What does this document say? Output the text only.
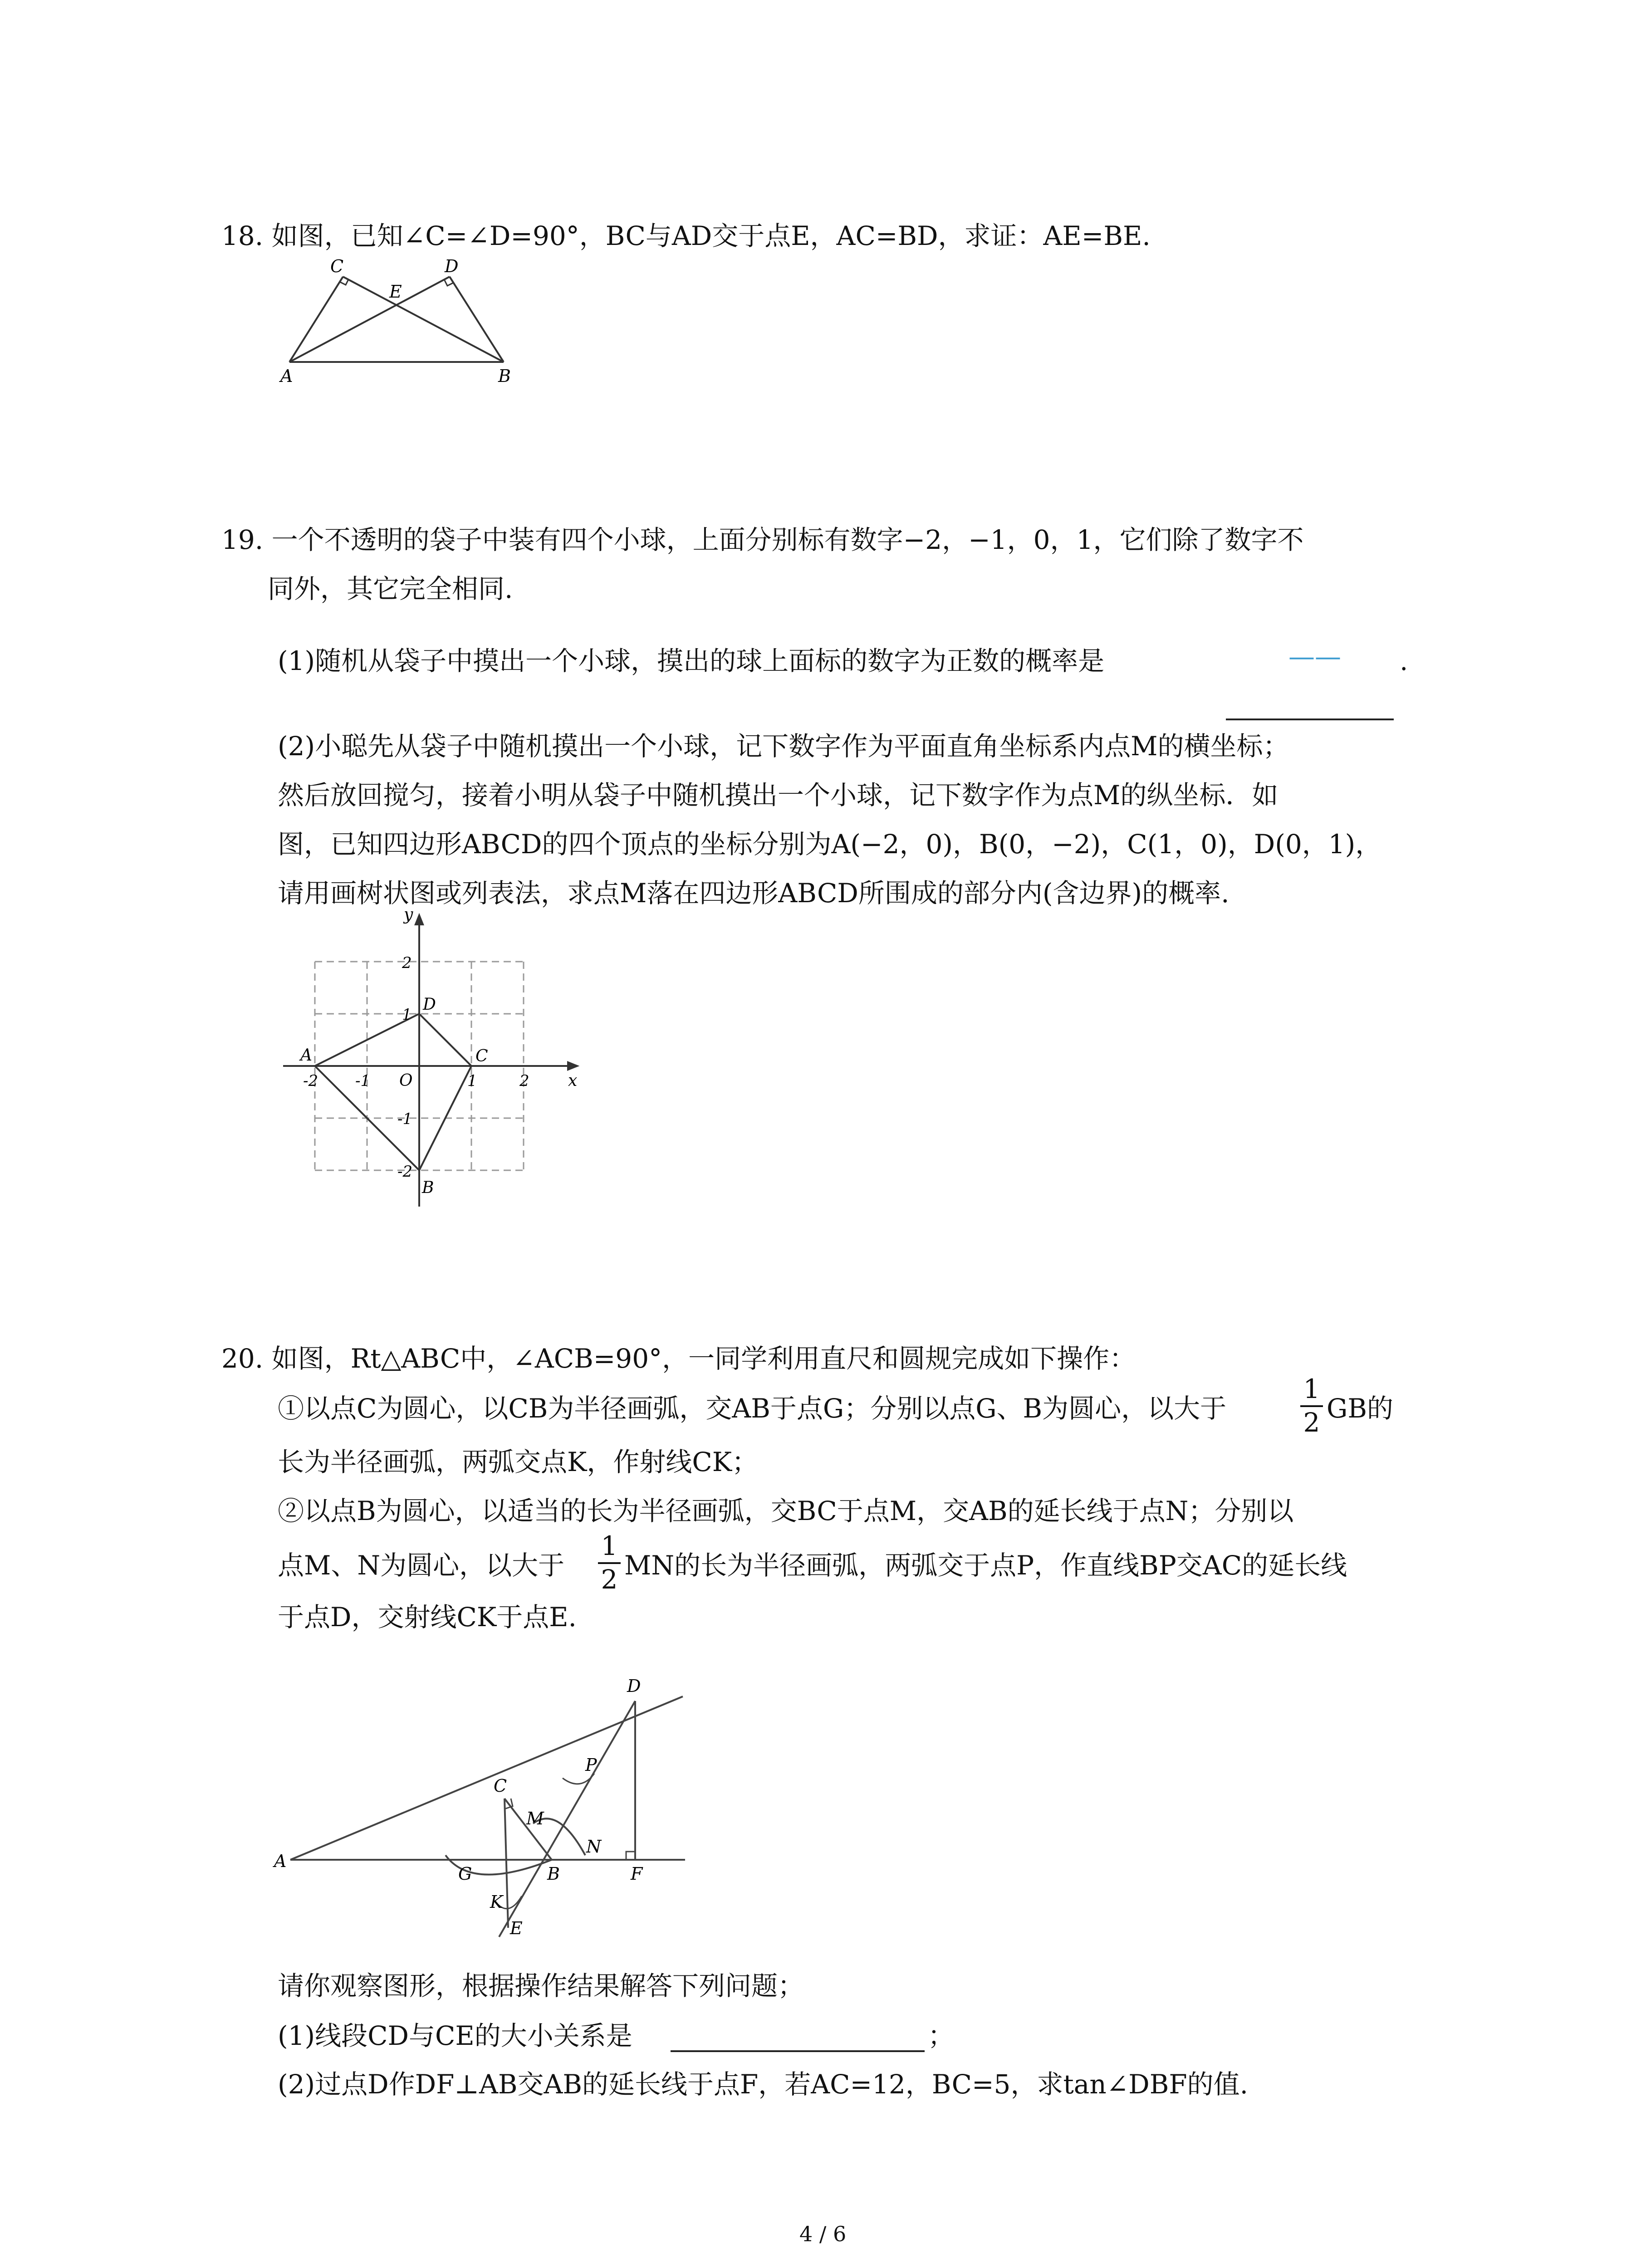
18. 如图，已知∠C=∠D=90°，BC与AD交于点E，AC=BD，求证：AE=BE.
A	B
C	D
E
19. 一个不透明的袋子中装有四个小球，上面分别标有数字−2，−1，0，1，它们除了数字不
同外，其它完全相同.
(1)随机从袋子中摸出一个小球，摸出的球上面标的数字为正数的概率是	—— .
(2)小聪先从袋子中随机摸出一个小球，记下数字作为平面直角坐标系内点M的横坐标；
然后放回搅匀，接着小明从袋子中随机摸出一个小球，记下数字作为点M的纵坐标．如
图，已知四边形ABCD的四个顶点的坐标分别为A(−2，0)，B(0，−2)，C(1，0)，D(0，1)，
请用画树状图或列表法，求点M落在四边形ABCD所围成的部分内(含边界)的概率.
x
y
O
-2 -1	1	2
2
1
-1
-2
A
B
C
D
20. 如图，Rt△ABC中，∠ACB=90°，一同学利用直尺和圆规完成如下操作：
①以点C为圆心，以CB为半径画弧，交AB于点G；分别以点G、B为圆心，以大于
1
2 GB的
长为半径画弧，两弧交点K，作射线CK；
②以点B为圆心，以适当的长为半径画弧，交BC于点M，交AB的延长线于点N；分别以
点M、N为圆心，以大于
1
2 MN的长为半径画弧，两弧交于点P，作直线BP交AC的延长线
于点D，交射线CK于点E.
A
B
C
D
E
F
G
K
M
N
P
请你观察图形，根据操作结果解答下列问题；
(1)线段CD与CE的大小关系是	；
(2)过点D作DF⊥AB交AB的延长线于点F，若AC=12，BC=5，求tan∠DBF的值.
4 / 6
